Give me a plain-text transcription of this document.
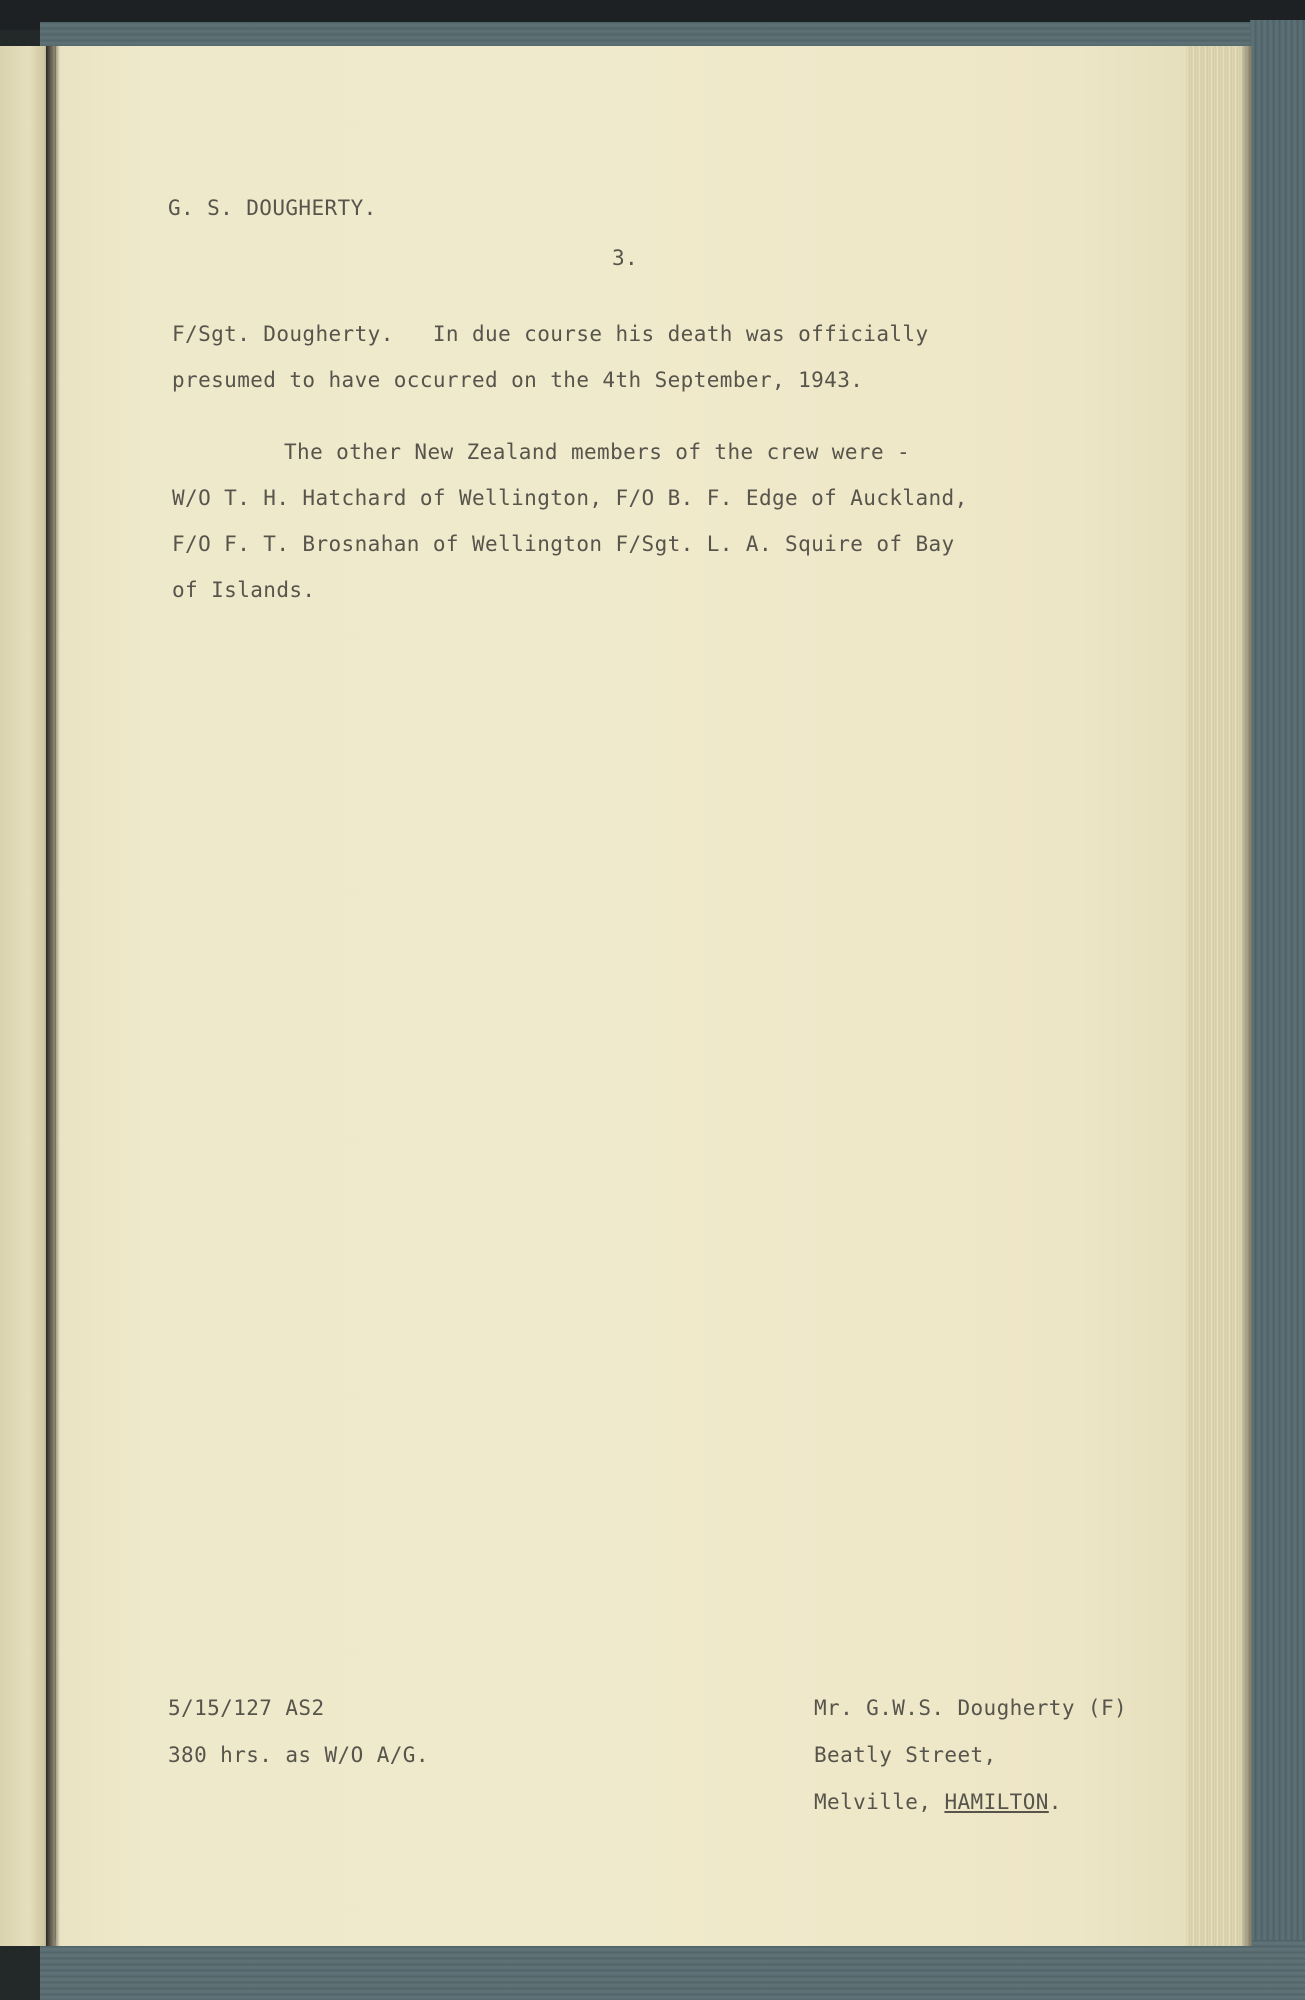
G. S. DOUGHERTY.
3.
F/Sgt. Dougherty.   In due course his death was officially
presumed to have occurred on the 4th September, 1943.
The other New Zealand members of the crew were -
W/O T. H. Hatchard of Wellington, F/O B. F. Edge of Auckland,
F/O F. T. Brosnahan of Wellington F/Sgt. L. A. Squire of Bay
of Islands.
5/15/127 AS2
380 hrs. as W/O A/G.
Mr. G.W.S. Dougherty (F)
Beatly Street,
Melville, HAMILTON.
